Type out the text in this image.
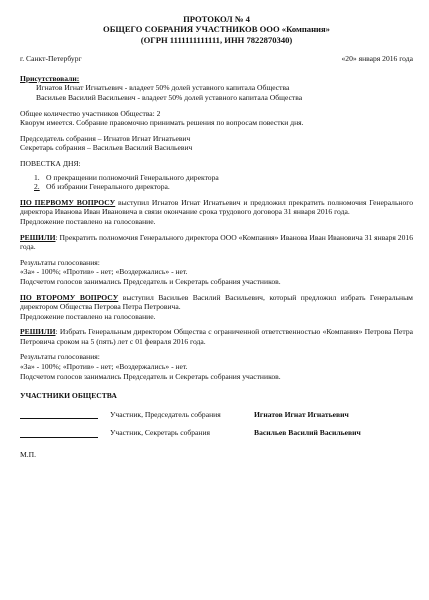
ПРОТОКОЛ № 4
ОБЩЕГО СОБРАНИЯ УЧАСТНИКОВ ООО «Компания»
(ОГРН 1111111111111, ИНН 7822870340)
г. Санкт-Петербург	«20» января 2016 года
Присутствовали:
Игнатов Игнат Игнатьевич - владеет 50% долей уставного капитала Общества
Васильев Василий Васильевич - владеет 50% долей уставного капитала Общества
Общее количество участников Общества: 2
Кворум имеется. Собрание правомочно принимать решения по вопросам повестки дня.
Председатель собрания – Игнатов Игнат Игнатьевич
Секретарь собрания – Васильев Василий Васильевич
ПОВЕСТКА ДНЯ:
1. О прекращении полномочий Генерального директора
2. Об избрании Генерального директора.
ПО ПЕРВОМУ ВОПРОСУ выступил Игнатов Игнат Игнатьевич и предложил прекратить полномочия Генерального директора Иванова Иван Ивановича в связи окончание срока трудового договора 31 января 2016 года.
Предложение поставлено на голосование.
РЕШИЛИ: Прекратить полномочия Генерального директора ООО «Компания» Иванова Иван Ивановича 31 января 2016 года.
Результаты голосования:
«За» - 100%; «Против» - нет; «Воздержались» - нет.
Подсчетом голосов занимались Председатель и Секретарь собрания участников.
ПО ВТОРОМУ ВОПРОСУ выступил Васильев Василий Васильевич, который предложил избрать Генеральным директором Общества Петрова Петра Петровича.
Предложение поставлено на голосование.
РЕШИЛИ: Избрать Генеральным директором Общества с ограниченной ответственностью «Компания» Петрова Петра Петровича сроком на 5 (пять) лет с 01 февраля 2016 года.
Результаты голосования:
«За» - 100%; «Против» - нет; «Воздержались» - нет.
Подсчетом голосов занимались Председатель и Секретарь собрания участников.
УЧАСТНИКИ ОБЩЕСТВА
Участник, Председатель собрания	Игнатов Игнат Игнатьевич
Участник, Секретарь собрания	Васильев Василий Васильевич
М.П.
